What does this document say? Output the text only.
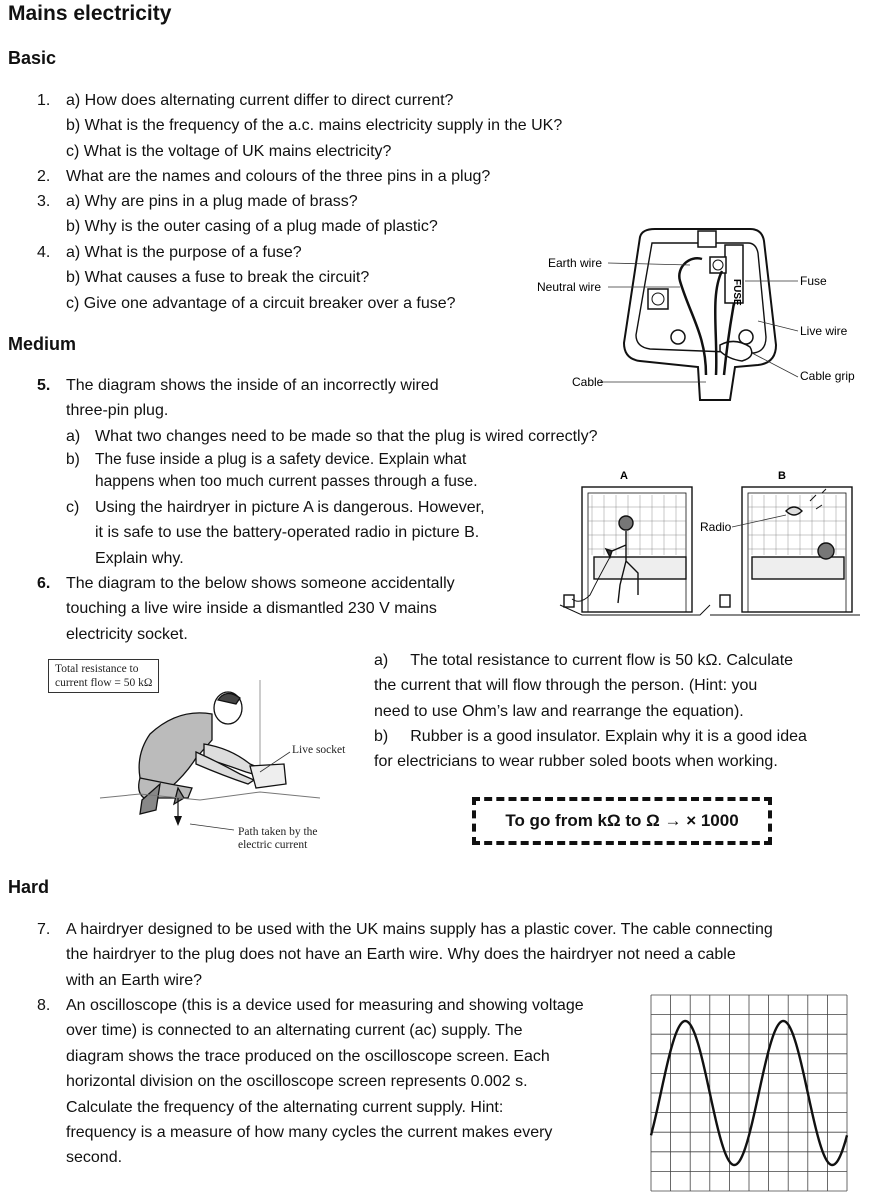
Mains electricity
Basic
Medium
Hard
1. a) How does alternating current differ to direct current?
b) What is the frequency of the a.c. mains electricity supply in the UK?
c) What is the voltage of UK mains electricity?
2. What are the names and colours of the three pins in a plug?
3. a) Why are pins in a plug made of brass?
b) Why is the outer casing of a plug made of plastic?
4. a) What is the purpose of a fuse?
b) What causes a fuse to break the circuit?
c) Give one advantage of a circuit breaker over a fuse?	FUSE
Earth wire
Neutral wire
Cable
Fuse
Live wire
Cable grip
5. The diagram shows the inside of an incorrectly wired
three-pin plug.
a) What two changes need to be made so that the plug is wired correctly?
b) The fuse inside a plug is a safety device. Explain what
happens when too much current passes through a fuse.
c) Using the hairdryer in picture A is dangerous. However,
it is safe to use the battery-operated radio in picture B.
Explain why.
A	B
Radio
6. The diagram to the below shows someone accidentally
touching a live wire inside a dismantled 230 V mains
electricity socket.
Total resistance to
current flow = 50 kΩ
Live socket
Path taken by the
electric current
a) The total resistance to current flow is 50 kΩ. Calculate
the current that will flow through the person. (Hint: you
need to use Ohm’s law and rearrange the equation).
b) Rubber is a good insulator. Explain why it is a good idea
for electricians to wear rubber soled boots when working.
To go from kΩ to Ω → × 1000
7. A hairdryer designed to be used with the UK mains supply has a plastic cover. The cable connecting
the hairdryer to the plug does not have an Earth wire. Why does the hairdryer not need a cable
with an Earth wire?
8. An oscilloscope (this is a device used for measuring and showing voltage
over time) is connected to an alternating current (ac) supply. The
diagram shows the trace produced on the oscilloscope screen. Each
horizontal division on the oscilloscope screen represents 0.002 s.
Calculate the frequency of the alternating current supply. Hint:
frequency is a measure of how many cycles the current makes every
second.
